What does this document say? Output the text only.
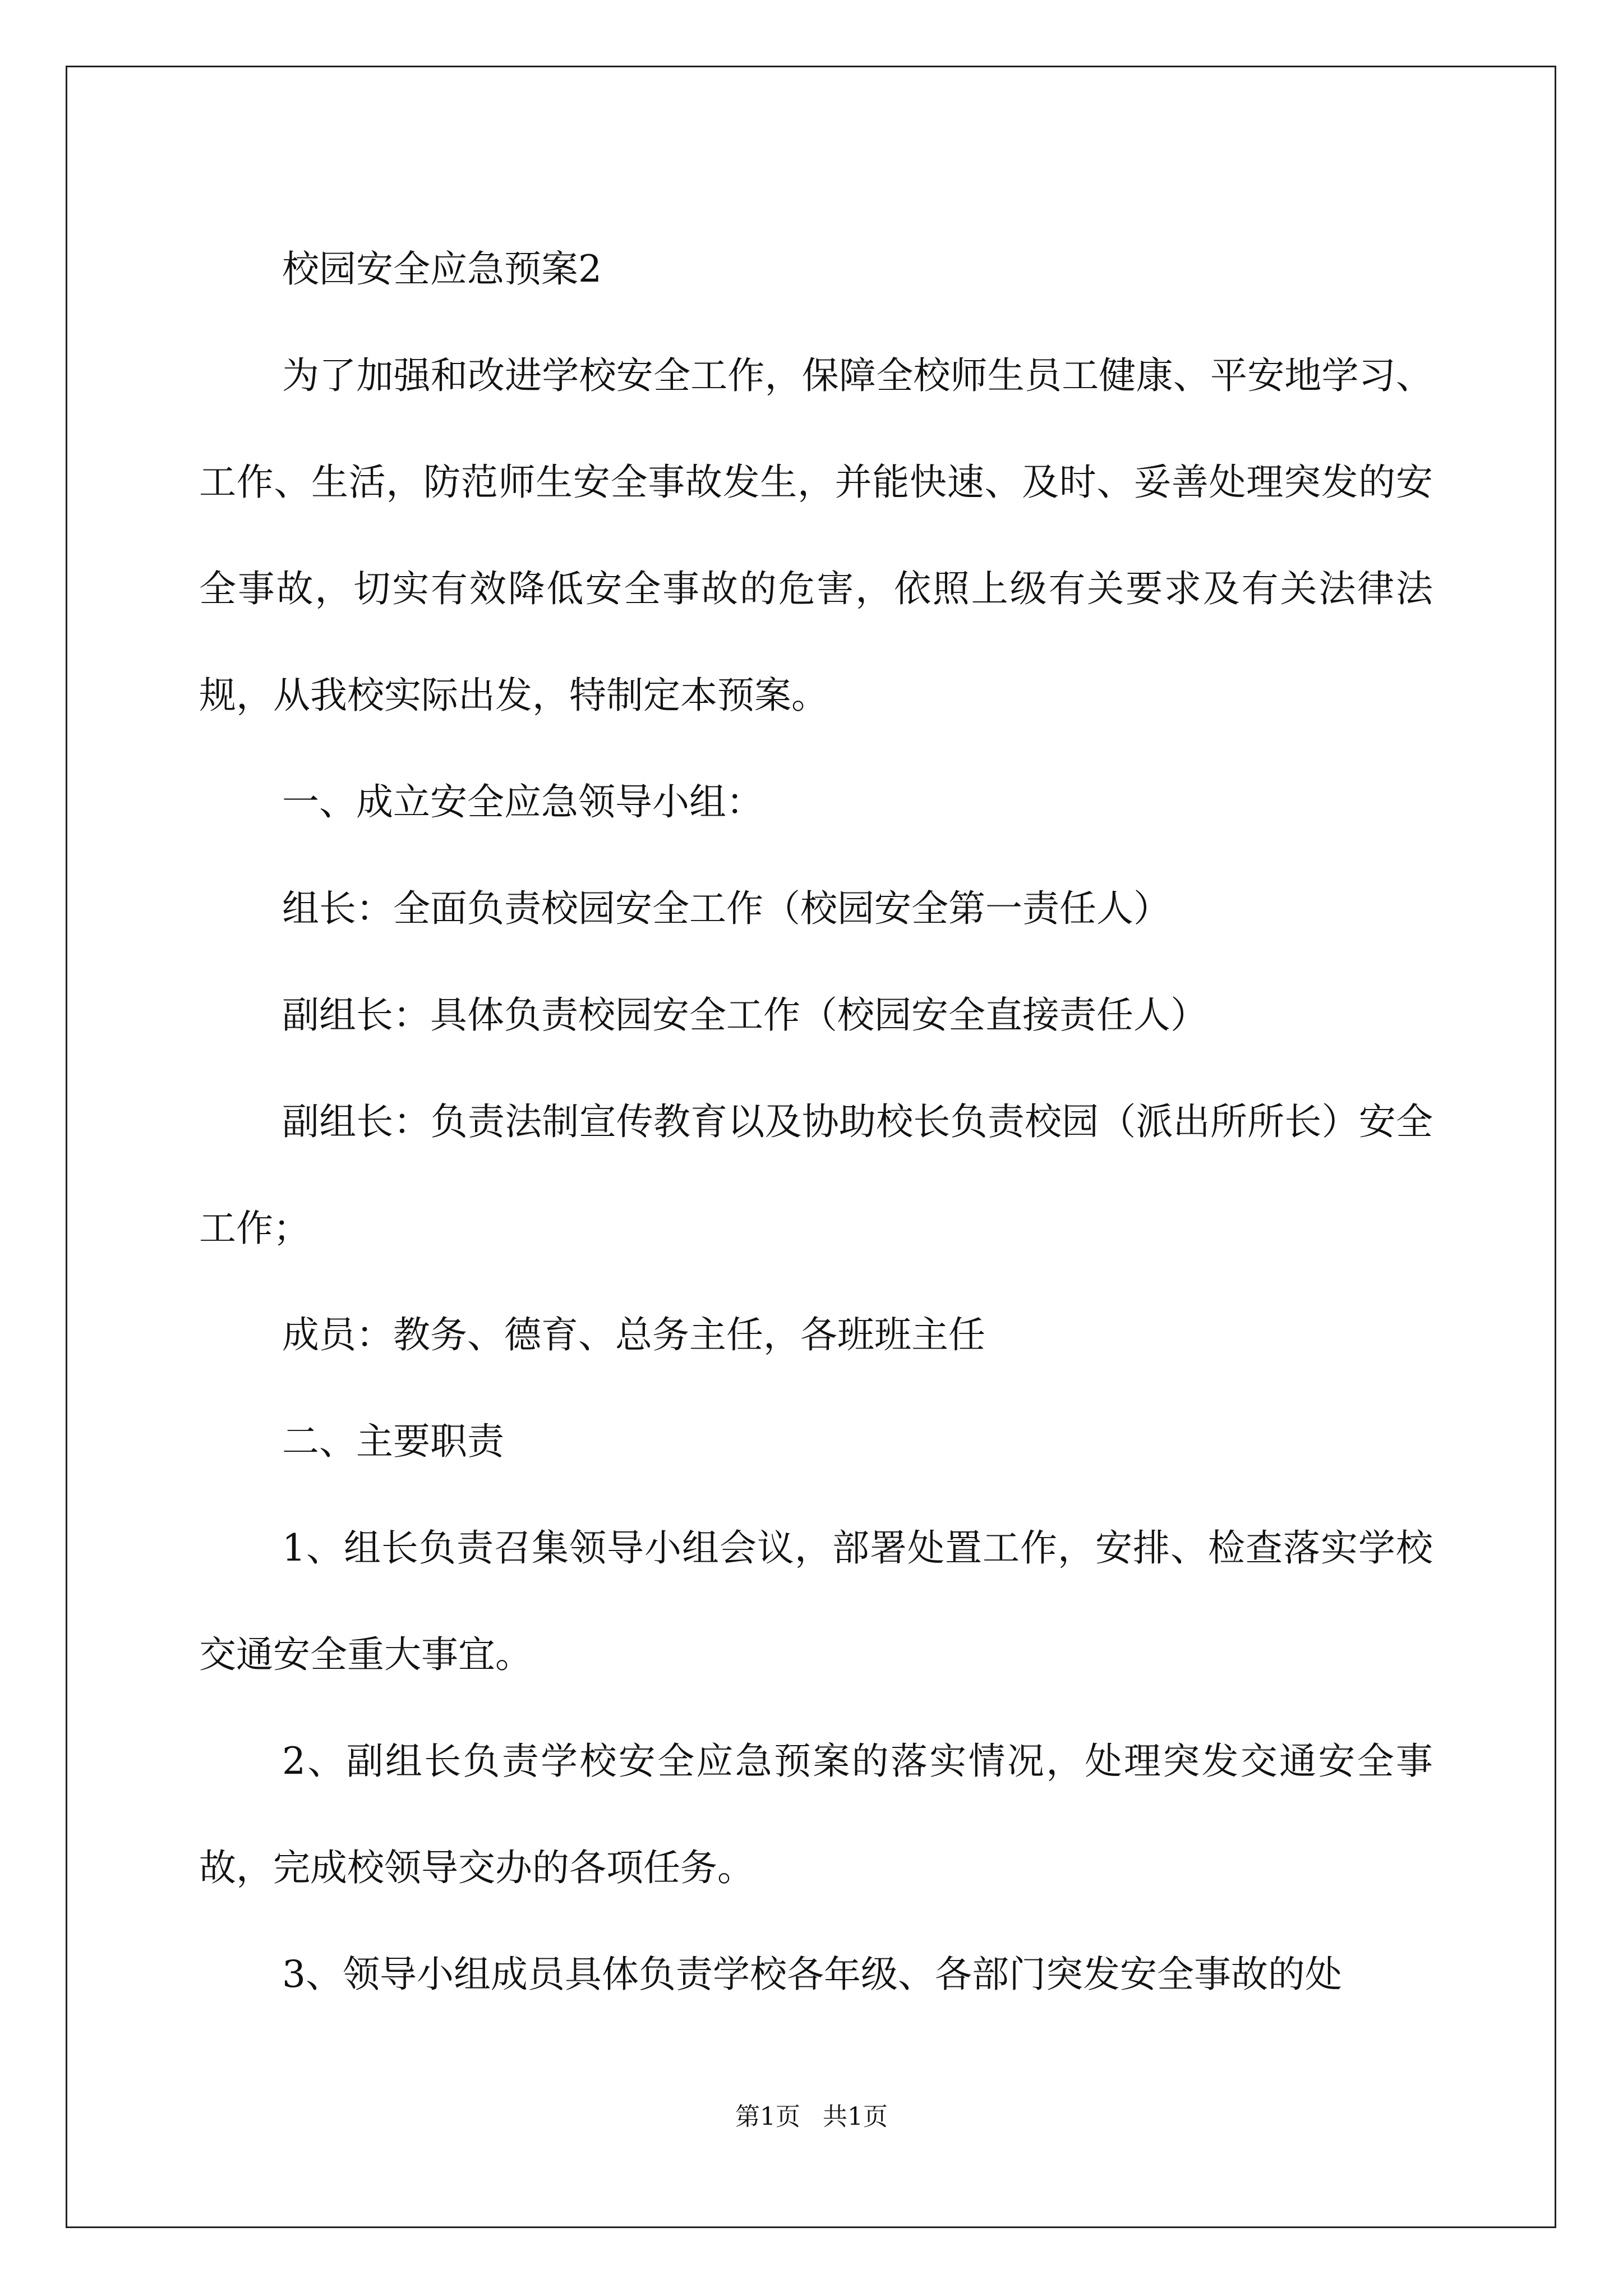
校园安全应急预案2

为了加强和改进学校安全工作，保障全校师生员工健康、平安地学习、工作、生活，防范师生安全事故发生，并能快速、及时、妥善处理突发的安全事故，切实有效降低安全事故的危害，依照上级有关要求及有关法律法规，从我校实际出发，特制定本预案。

一、成立安全应急领导小组：

组长：全面负责校园安全工作（校园安全第一责任人）

副组长：具体负责校园安全工作（校园安全直接责任人）

副组长：负责法制宣传教育以及协助校长负责校园（派出所所长）安全工作；

成员：教务、德育、总务主任，各班班主任

二、主要职责

1、组长负责召集领导小组会议，部署处置工作，安排、检查落实学校交通安全重大事宜。

2、副组长负责学校安全应急预案的落实情况，处理突发交通安全事故，完成校领导交办的各项任务。

3、领导小组成员具体负责学校各年级、各部门突发安全事故的处

第1页 共1页
